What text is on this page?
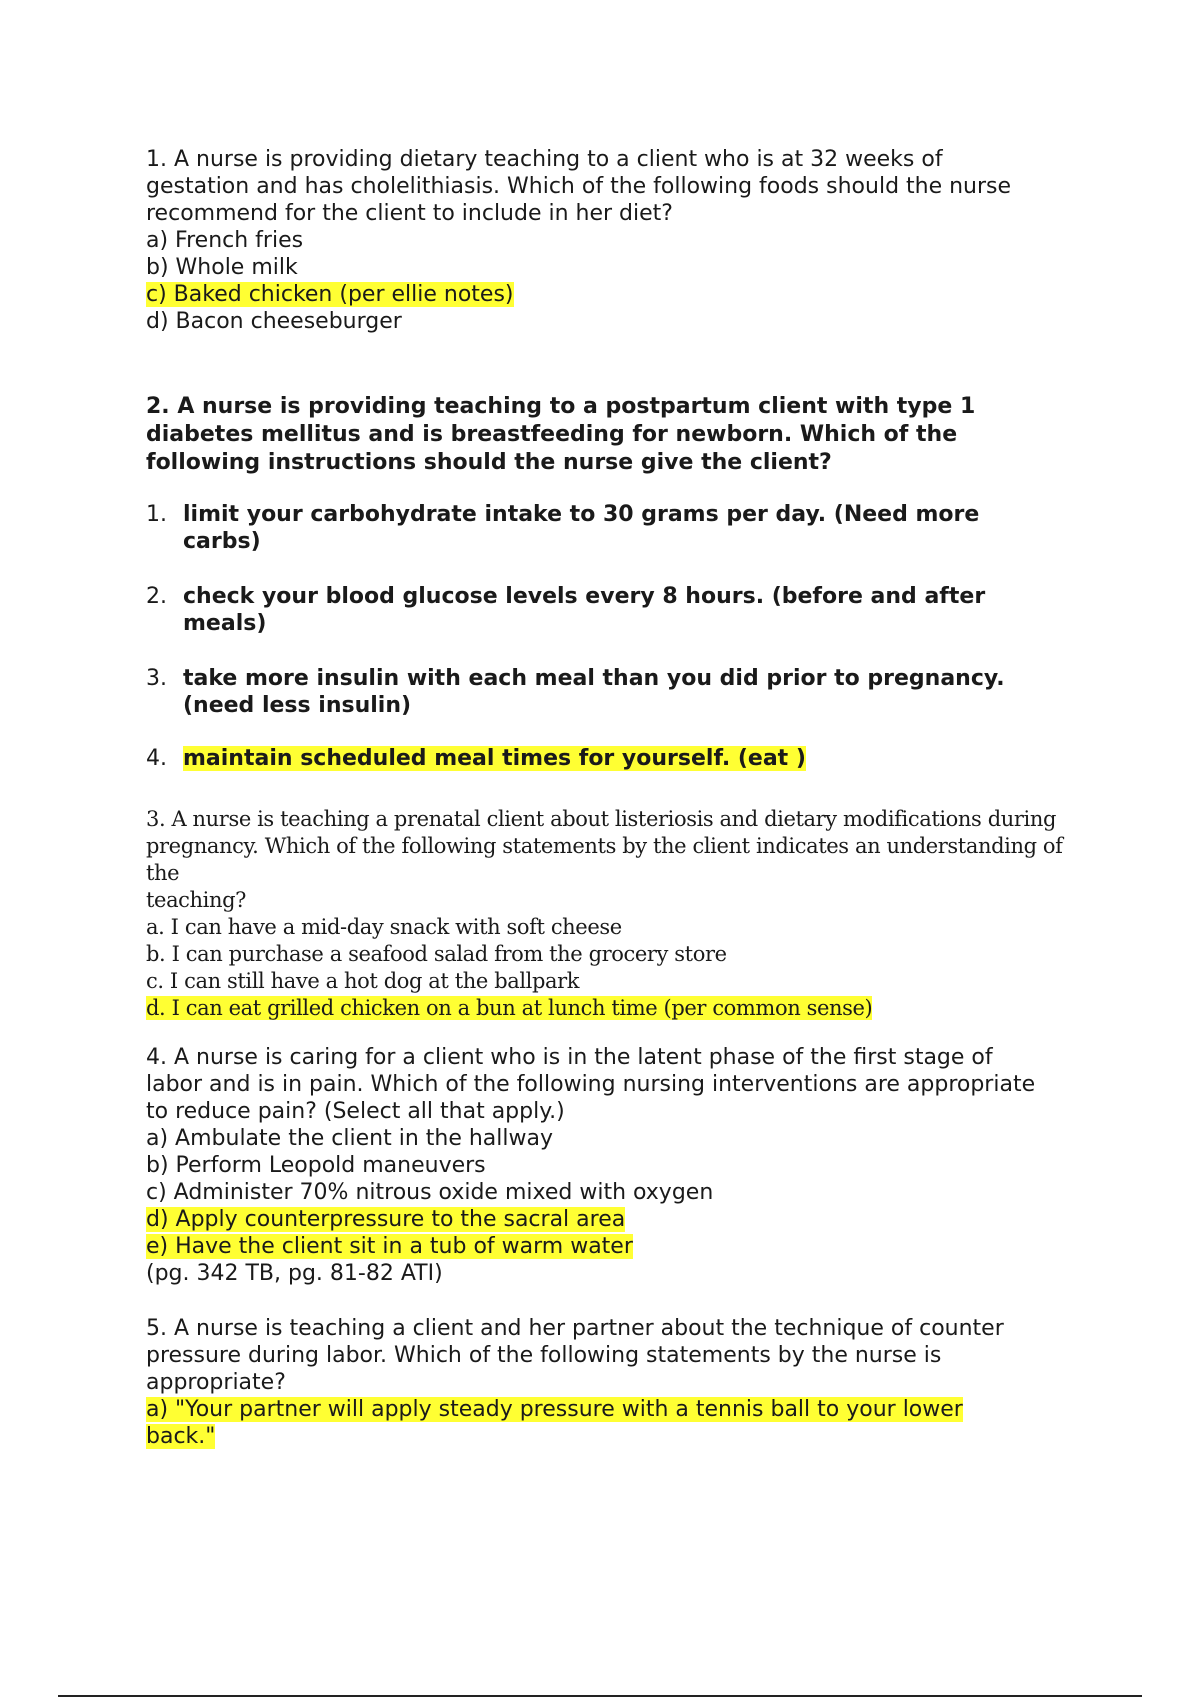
1. A nurse is providing dietary teaching to a client who is at 32 weeks of
gestation and has cholelithiasis. Which of the following foods should the nurse
recommend for the client to include in her diet?
a) French fries
b) Whole milk
c) Baked chicken (per ellie notes)
d) Bacon cheeseburger
2. A nurse is providing teaching to a postpartum client with type 1
diabetes mellitus and is breastfeeding for newborn. Which of the
following instructions should the nurse give the client?
1. limit your carbohydrate intake to 30 grams per day. (Need more
carbs)
2. check your blood glucose levels every 8 hours. (before and after
meals)
3. take more insulin with each meal than you did prior to pregnancy.
(need less insulin)
4. maintain scheduled meal times for yourself. (eat )
3. A nurse is teaching a prenatal client about listeriosis and dietary modifications during
pregnancy. Which of the following statements by the client indicates an understanding of the
teaching?
a. I can have a mid-day snack with soft cheese
b. I can purchase a seafood salad from the grocery store
c. I can still have a hot dog at the ballpark
d. I can eat grilled chicken on a bun at lunch time (per common sense)
4. A nurse is caring for a client who is in the latent phase of the first stage of
labor and is in pain. Which of the following nursing interventions are appropriate
to reduce pain? (Select all that apply.)
a) Ambulate the client in the hallway
b) Perform Leopold maneuvers
c) Administer 70% nitrous oxide mixed with oxygen
d) Apply counterpressure to the sacral area
e) Have the client sit in a tub of warm water
(pg. 342 TB, pg. 81-82 ATI)
5. A nurse is teaching a client and her partner about the technique of counter
pressure during labor. Which of the following statements by the nurse is
appropriate?
a) "Your partner will apply steady pressure with a tennis ball to your lower
back."
